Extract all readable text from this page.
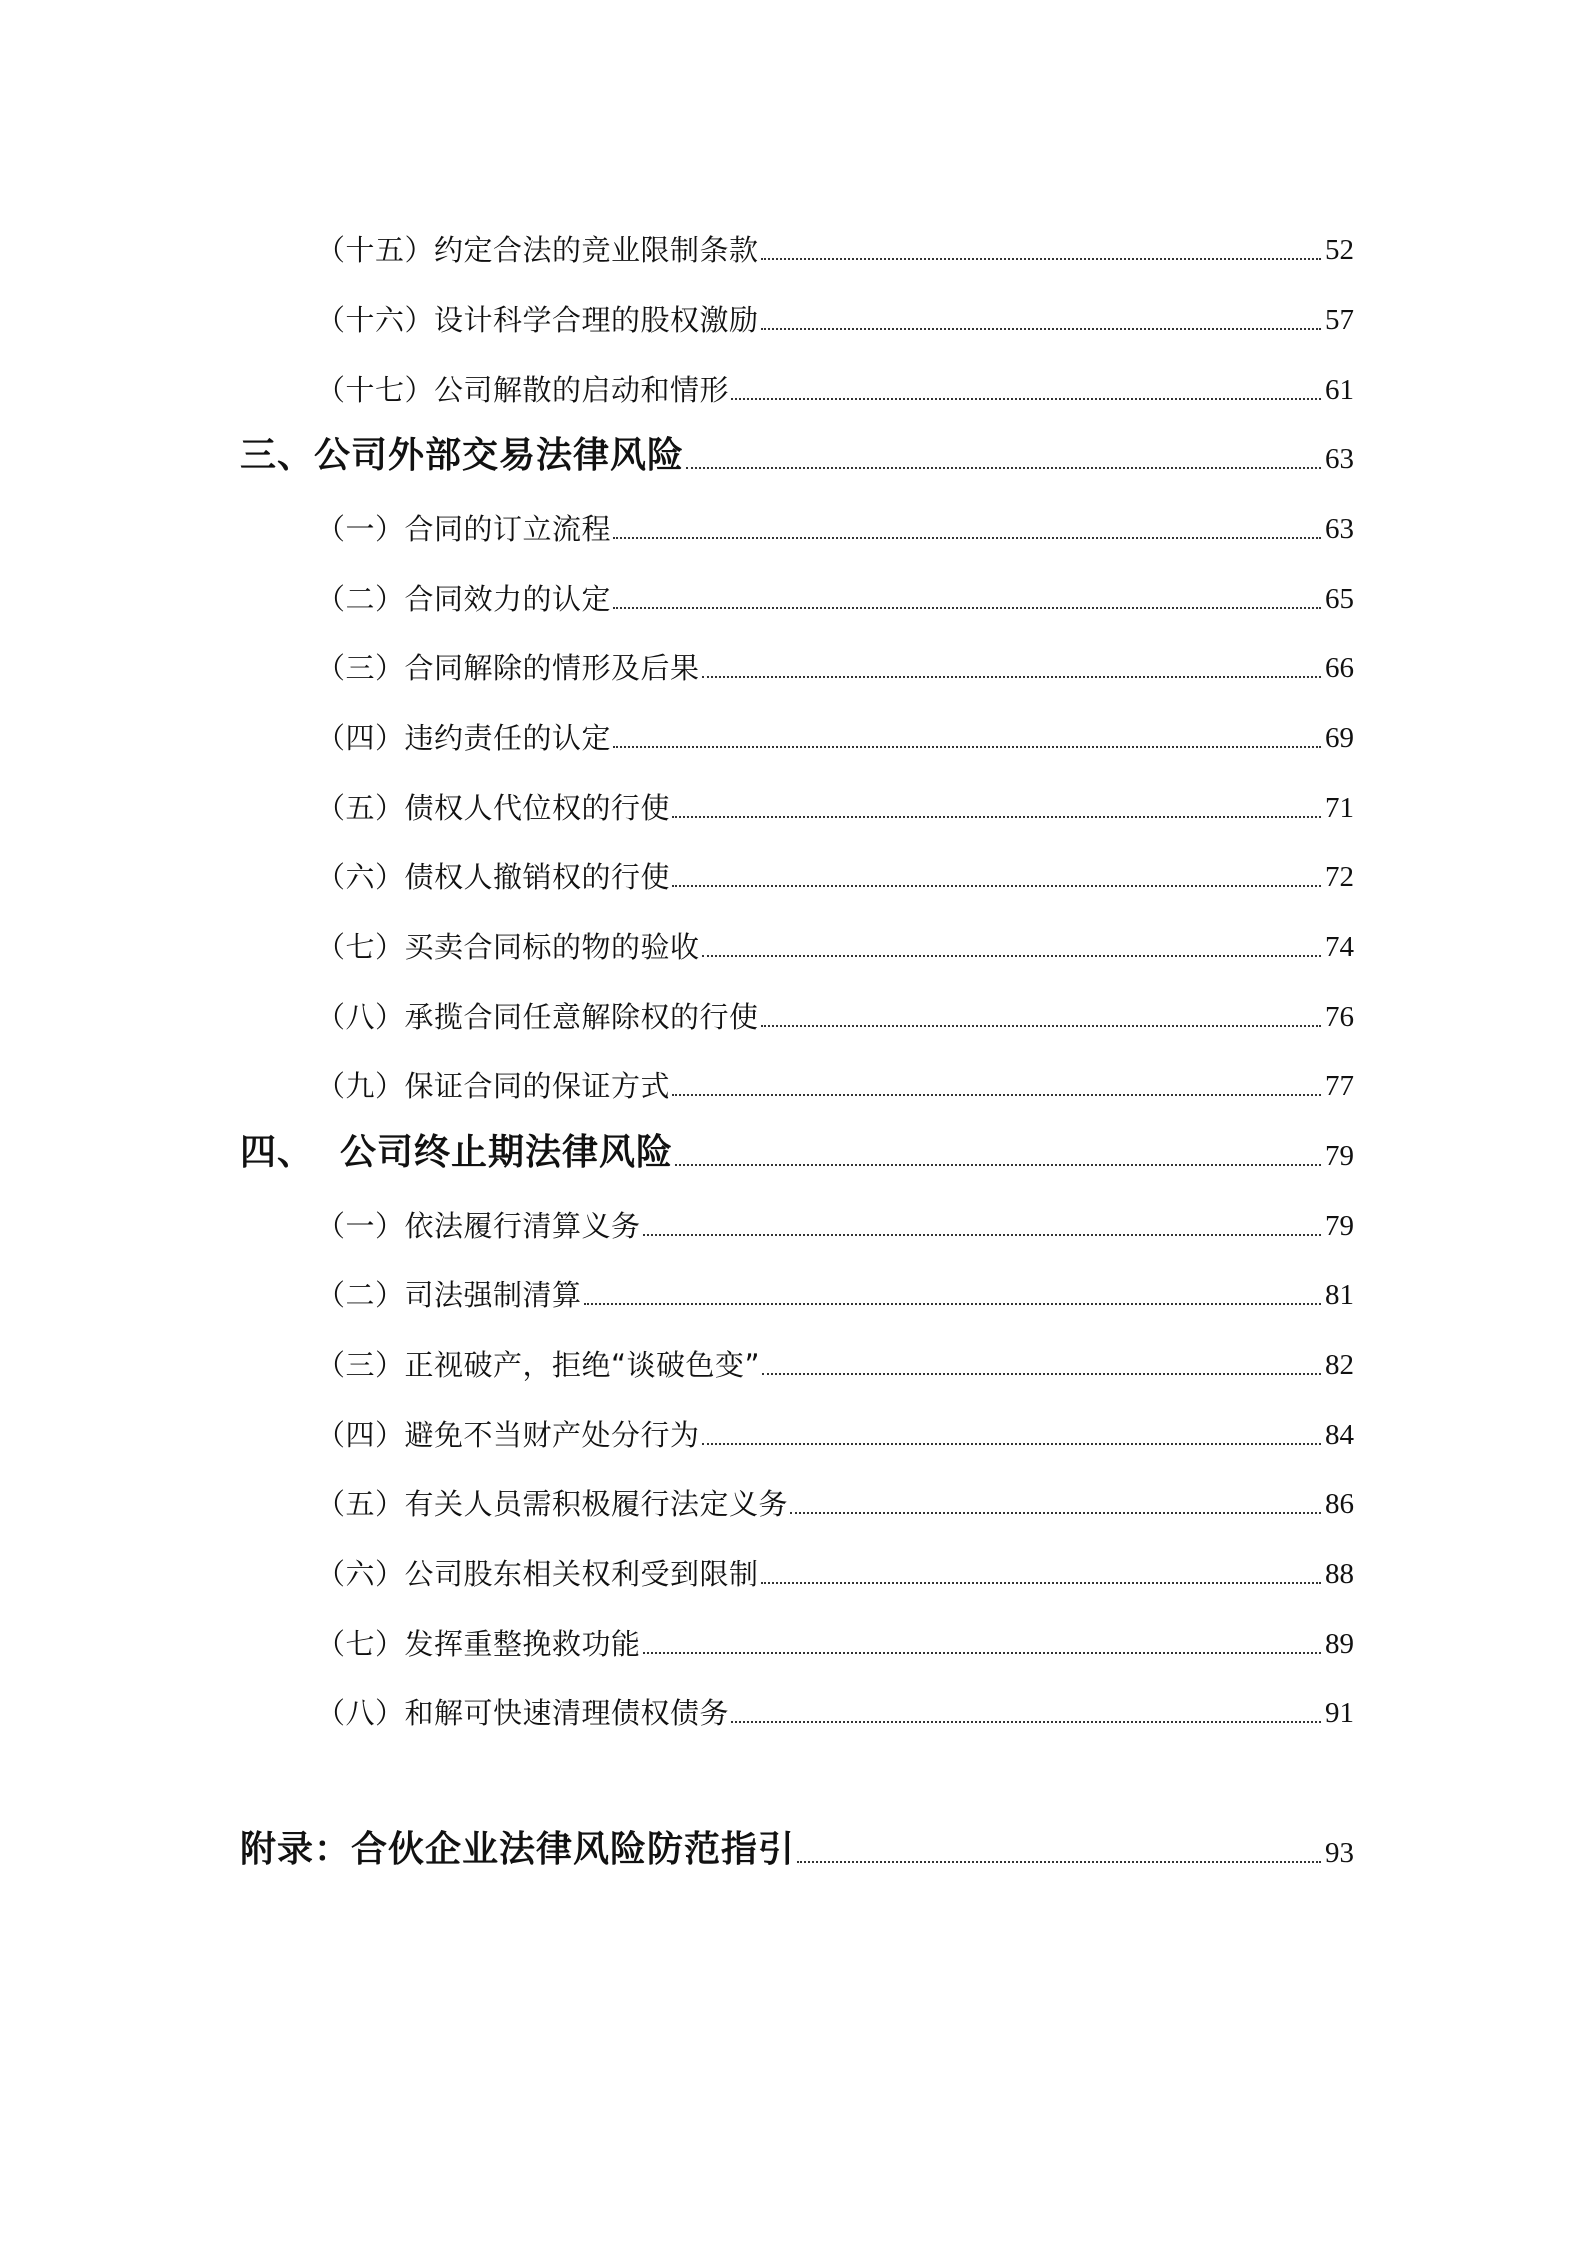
（十五）约定合法的竞业限制条款	52
（十六）设计科学合理的股权激励	57
（十七）公司解散的启动和情形	61
三、公司外部交易法律风险	63
（一）合同的订立流程	63
（二）合同效力的认定	65
（三）合同解除的情形及后果	66
（四）违约责任的认定	69
（五）债权人代位权的行使	71
（六）债权人撤销权的行使	72
（七）买卖合同标的物的验收	74
（八）承揽合同任意解除权的行使	76
（九）保证合同的保证方式	77
四、 公司终止期法律风险	79
（一）依法履行清算义务	79
（二）司法强制清算	81
（三）正视破产，拒绝“谈破色变”	82
（四）避免不当财产处分行为	84
（五）有关人员需积极履行法定义务	86
（六）公司股东相关权利受到限制	88
（七）发挥重整挽救功能	89
（八）和解可快速清理债权债务	91
附录：合伙企业法律风险防范指引	93
